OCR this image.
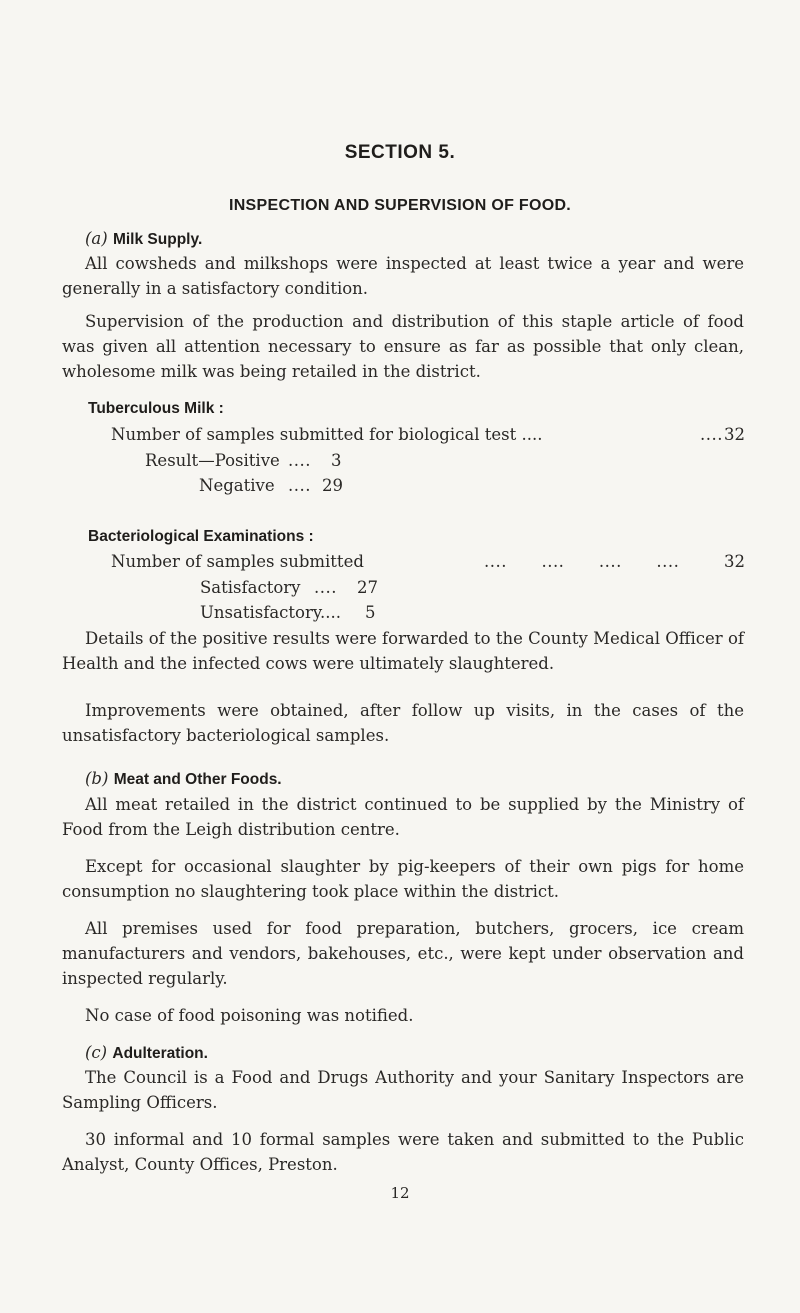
SECTION 5.
INSPECTION AND SUPERVISION OF FOOD.
(a) Milk Supply.

All cowsheds and milkshops were inspected at least twice a year and were generally in a satisfactory condition.

Supervision of the production and distribution of this staple article of food was given all attention necessary to ensure as far as possible that only clean, wholesome milk was being retailed in the district.

Tuberculous Milk :
Number of samples submitted for biological test ....	.... 32
Result—Positive .... 3
Negative .... 29
Bacteriological Examinations :
Number of samples submitted	....      ....      ....      ....	32
Satisfactory .... 27
Unsatisfactory.... 5

Details of the positive results were forwarded to the County Medical Officer of Health and the infected cows were ultimately slaughtered.

Improvements were obtained, after follow up visits, in the cases of the unsatisfactory bacteriological samples.

(b) Meat and Other Foods.

All meat retailed in the district continued to be supplied by the Ministry of Food from the Leigh distribution centre.

Except for occasional slaughter by pig-keepers of their own pigs for home consumption no slaughtering took place within the district.

All premises used for food preparation, butchers, grocers, ice cream manufacturers and vendors, bakehouses, etc., were kept under observation and inspected regularly.

No case of food poisoning was notified.

(c) Adulteration.

The Council is a Food and Drugs Authority and your Sanitary Inspectors are Sampling Officers.

30 informal and 10 formal samples were taken and submitted to the Public Analyst, County Offices, Preston.

12
